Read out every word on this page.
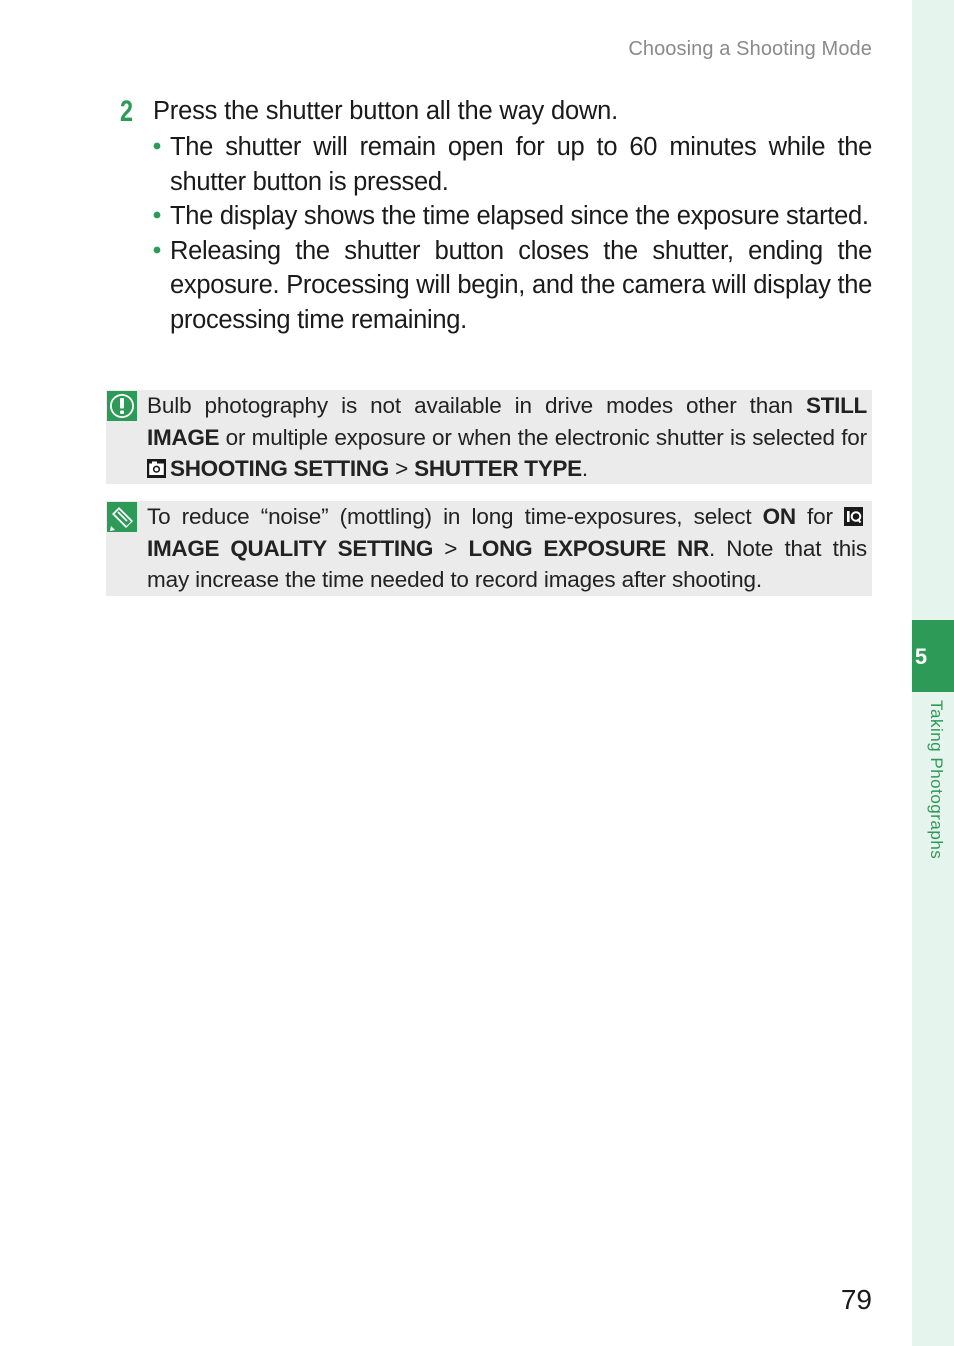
Choosing a Shooting Mode
5
Taking Photographs
2 Press the shutter button all the way down.
The shutter will remain open for up to 60 minutes while the shutter button is pressed.
The display shows the time elapsed since the exposure started.
Releasing the shutter button closes the shutter, ending the exposure. Processing will begin, and the camera will display the processing time remaining.

Bulb photography is not available in drive modes other than STILL IMAGE or multiple exposure or when the electronic shutter is selected for SHOOTING SETTING > SHUTTER TYPE.

To reduce “noise” (mottling) in long time-exposures, select ON for IMAGE QUALITY SETTING > LONG EXPOSURE NR. Note that this may increase the time needed to record images after shooting.

79
